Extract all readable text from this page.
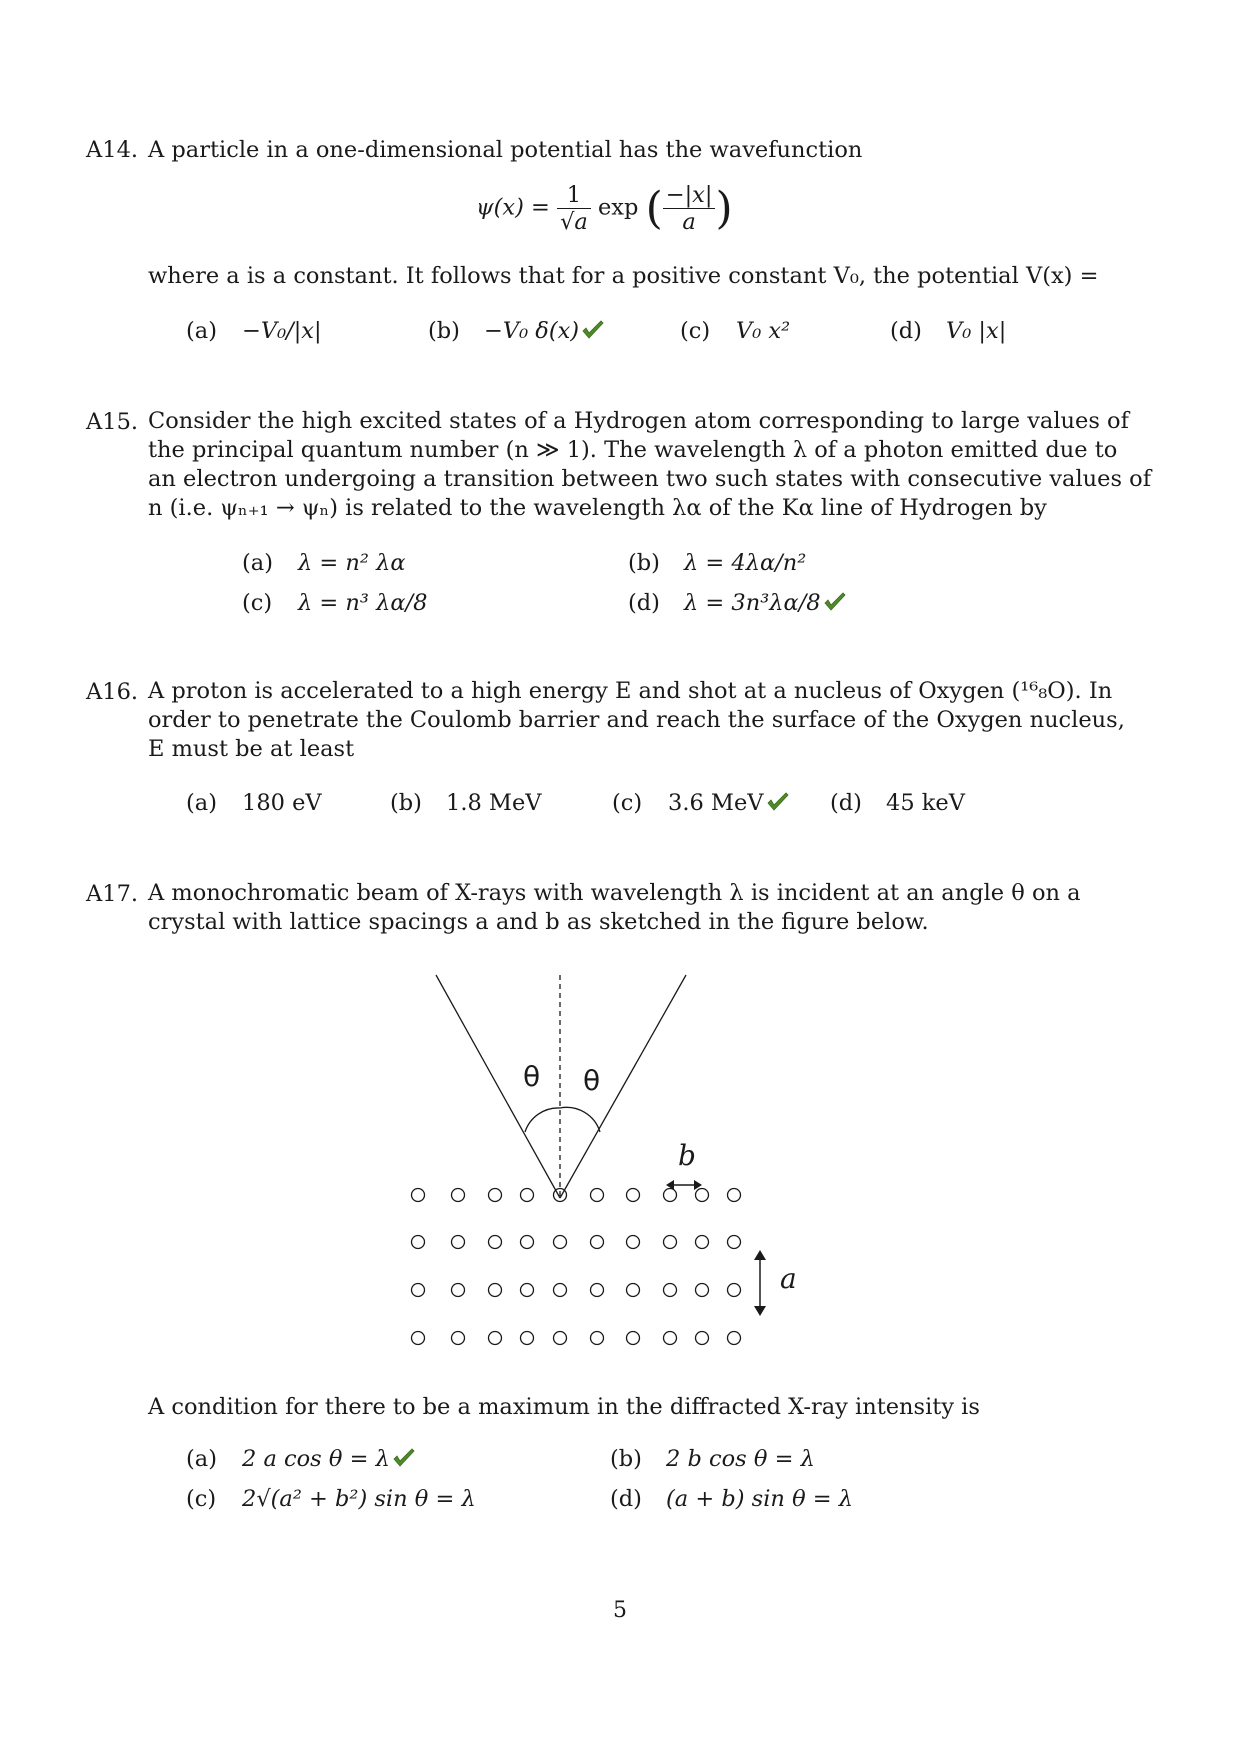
A14. A particle in a one-dimensional potential has the wavefunction
$\psi(x) = \frac{1}{√a}$ exp ( $\frac{-|x|}{a}$ )
where a is a constant. It follows that for a positive constant V₀, the potential V(x) =
(a) −V₀/|x|	(b) −V₀ δ(x)	(c) V₀ x²	(d) V₀ |x|
A15. Consider the high excited states of a Hydrogen atom corresponding to large values of
the principal quantum number (n ≫ 1). The wavelength λ of a photon emitted due to
an electron undergoing a transition between two such states with consecutive values of
n (i.e. ψₙ₊₁ → ψₙ) is related to the wavelength λα of the Kα line of Hydrogen by
(a) λ = n² λα	(b) λ = 4λα/n²
(c) λ = n³ λα/8	(d) λ = 3n³λα/8
A16. A proton is accelerated to a high energy E and shot at a nucleus of Oxygen (¹⁶₈O). In
order to penetrate the Coulomb barrier and reach the surface of the Oxygen nucleus,
E must be at least
(a) 180 eV	(b) 1.8 MeV	(c) 3.6 MeV	(d) 45 keV
A17. A monochromatic beam of X-rays with wavelength λ is incident at an angle θ on a
crystal with lattice spacings a and b as sketched in the figure below.
θ θ
b
a
A condition for there to be a maximum in the diffracted X-ray intensity is
(a) 2 a cos θ = λ	(b) 2 b cos θ = λ
(c) 2√(a² + b²) sin θ = λ	(d) (a + b) sin θ = λ
5
